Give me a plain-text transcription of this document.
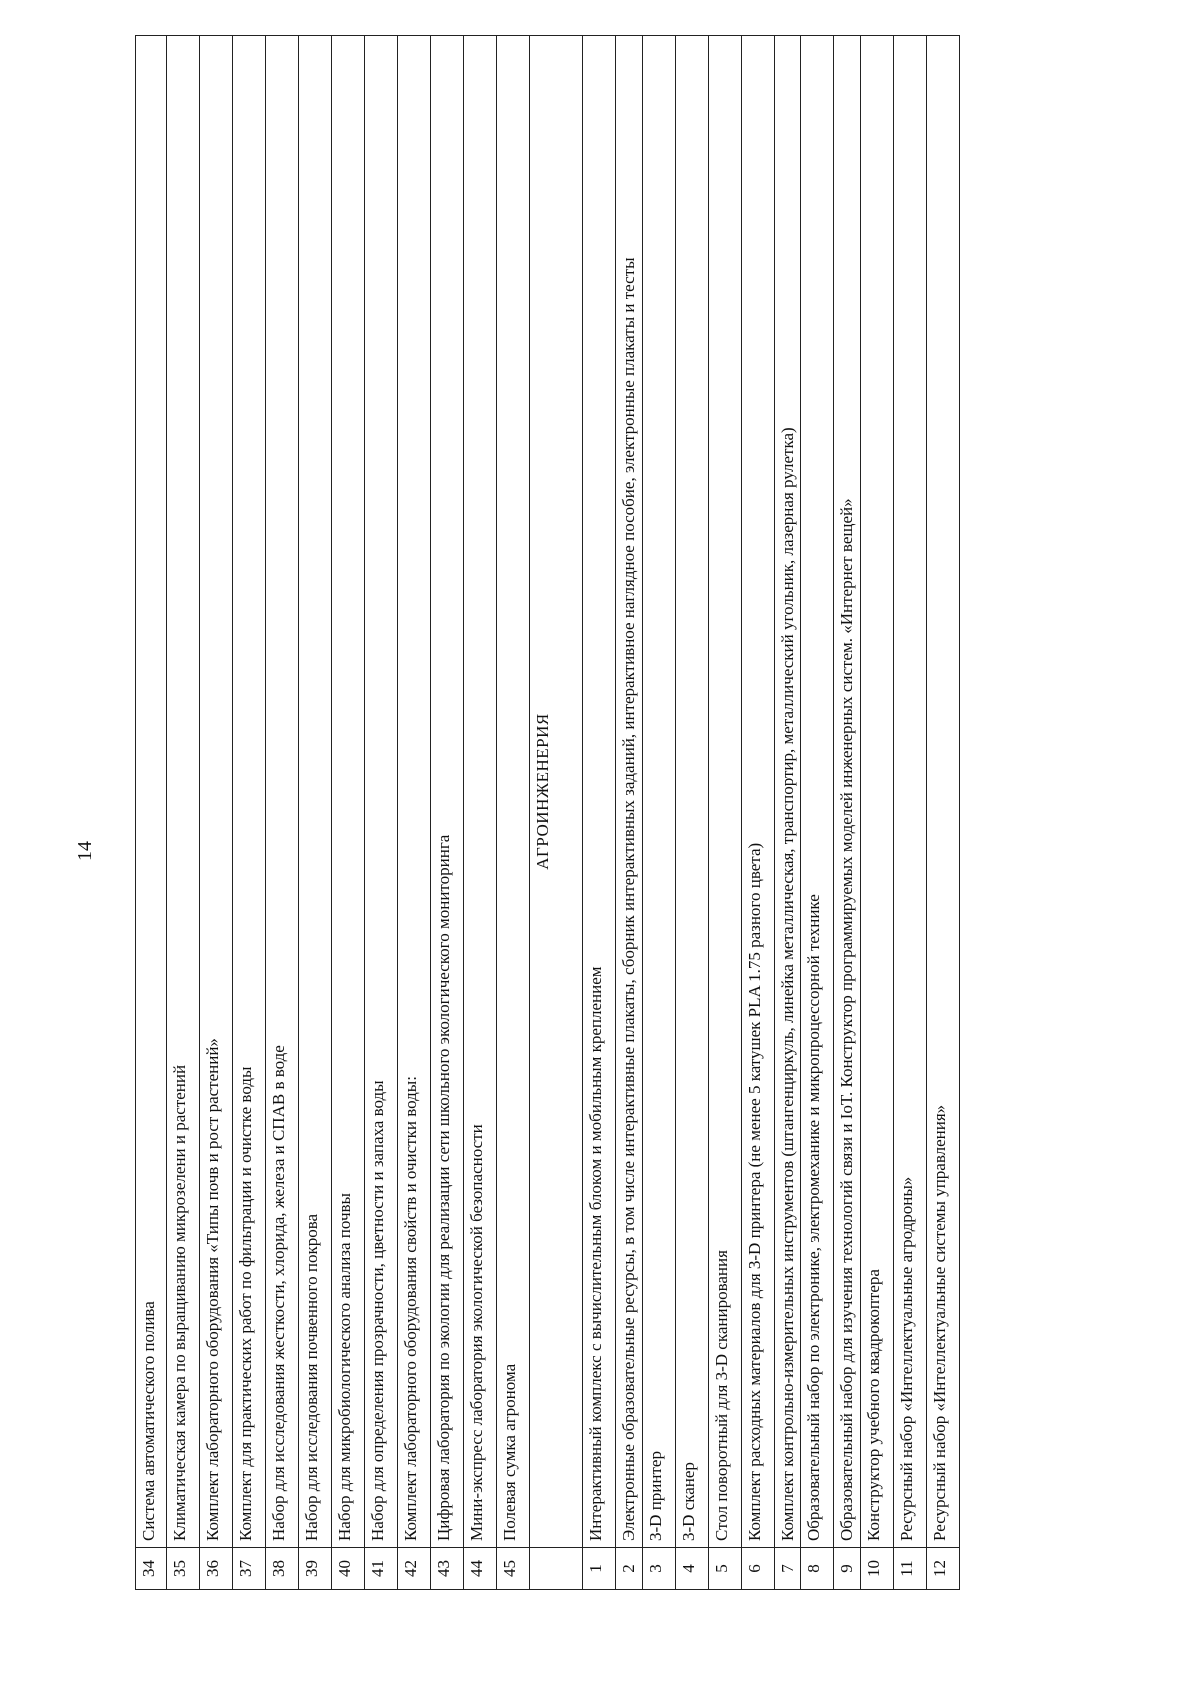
14
34	Система автоматического полива
35	Климатическая камера по выращиванию микрозелени и растений
36	Комплект лабораторного оборудования «Типы почв и рост растений»
37	Комплект для практических работ по фильтрации и очистке воды
38	Набор для исследования жесткости, хлорида, железа и СПАВ в воде
39	Набор для исследования почвенного покрова
40	Набор для микробиологического анализа почвы
41	Набор для определения прозрачности, цветности и запаха воды
42	Комплект лабораторного оборудования свойств и очистки воды:
43	Цифровая лаборатория по экологии для реализации сети школьного экологического мониторинга
44	Мини-экспресс лаборатория экологической безопасности
45	Полевая сумка агронома
	АГРОИНЖЕНЕРИЯ
1	Интерактивный комплекс с вычислительным блоком и мобильным креплением
2	Электронные образовательные ресурсы, в том числе интерактивные плакаты, сборник интерактивных заданий, интерактивное наглядное пособие, электронные плакаты и тесты
3	3-D принтер
4	3-D сканер
5	Стол поворотный для 3-D сканирования
6	Комплект расходных материалов для 3-D принтера (не менее 5 катушек PLA 1.75 разного цвета)
7	Комплект контрольно-измерительных инструментов (штангенциркуль, линейка металлическая, транспортир, металлический угольник, лазерная рулетка)
8	Образовательный набор по электронике, электромеханике и микропроцессорной технике
9	Образовательный набор для изучения технологий связи и IoT. Конструктор программируемых моделей инженерных систем. «Интернет вещей»
10	Конструктор учебного квадрокоптера
11	Ресурсный набор «Интеллектуальные агродроны»
12	Ресурсный набор «Интеллектуальные системы управления»
